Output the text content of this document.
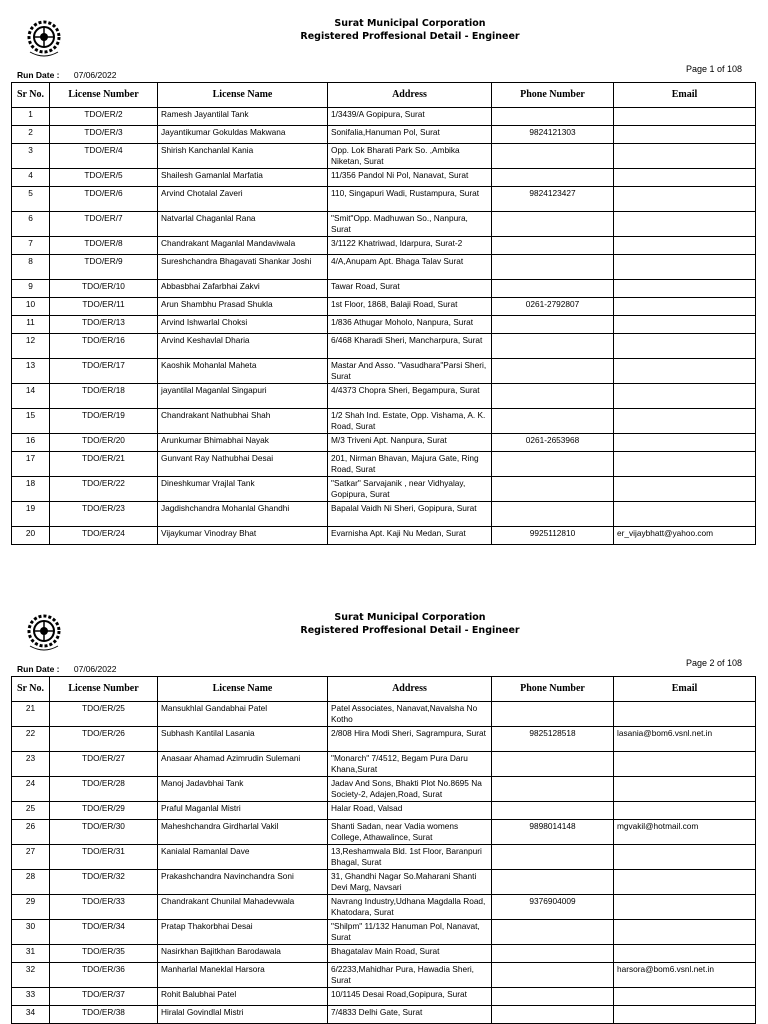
Surat Municipal Corporation
Registered Proffesional Detail - Engineer
Run Date : 07/06/2022
Page 1 of 108
Sr No.	License Number	License Name	Address	Phone Number	Email
1	TDO/ER/2	Ramesh Jayantilal Tank	1/3439/A Gopipura, Surat		
2	TDO/ER/3	Jayantikumar Gokuldas Makwana	Sonifalia,Hanuman Pol, Surat	9824121303	
3	TDO/ER/4	Shirish Kanchanlal Kania	Opp. Lok Bharati Park So. ,Ambika Niketan, Surat		
4	TDO/ER/5	Shailesh Gamanlal Marfatia	11/356 Pandol Ni Pol, Nanavat, Surat		
5	TDO/ER/6	Arvind Chotalal Zaveri	110, Singapuri Wadi, Rustampura, Surat	9824123427	
6	TDO/ER/7	Natvarlal Chaganlal Rana	"Smit"Opp. Madhuwan So., Nanpura, Surat		
7	TDO/ER/8	Chandrakant Maganlal Mandaviwala	3/1122 Khatriwad, Idarpura, Surat-2		
8	TDO/ER/9	Sureshchandra Bhagavati Shankar Joshi	4/A,Anupam Apt. Bhaga Talav Surat		
9	TDO/ER/10	Abbasbhai Zafarbhai Zakvi	Tawar Road, Surat		
10	TDO/ER/11	Arun Shambhu Prasad Shukla	1st Floor, 1868, Balaji Road, Surat	0261-2792807	
11	TDO/ER/13	Arvind Ishwarlal Choksi	1/836 Athugar Moholo, Nanpura, Surat		
12	TDO/ER/16	Arvind Keshavlal Dharia	6/468 Kharadi Sheri, Mancharpura, Surat		
13	TDO/ER/17	Kaoshik Mohanlal Maheta	Mastar And Asso. "Vasudhara"Parsi Sheri, Surat		
14	TDO/ER/18	jayantilal Maganlal Singapuri	4/4373 Chopra Sheri, Begampura, Surat		
15	TDO/ER/19	Chandrakant Nathubhai Shah	1/2 Shah Ind. Estate, Opp. Vishama, A. K. Road, Surat		
16	TDO/ER/20	Arunkumar Bhimabhai Nayak	M/3 Triveni Apt. Nanpura, Surat	0261-2653968	
17	TDO/ER/21	Gunvant Ray Nathubhai Desai	201, Nirman Bhavan, Majura Gate, Ring Road, Surat		
18	TDO/ER/22	Dineshkumar Vrajlal Tank	"Satkar" Sarvajanik , near Vidhyalay, Gopipura, Surat		
19	TDO/ER/23	Jagdishchandra Mohanlal Ghandhi	Bapalal Vaidh Ni Sheri, Gopipura, Surat		
20	TDO/ER/24	Vijaykumar Vinodray Bhat	Evarnisha Apt. Kaji Nu Medan, Surat	9925112810	er_vijaybhatt@yahoo.com
Surat Municipal Corporation
Registered Proffesional Detail - Engineer
Run Date : 07/06/2022
Page 2 of 108
Sr No.	License Number	License Name	Address	Phone Number	Email
21	TDO/ER/25	Mansukhlal Gandabhai Patel	Patel Associates, Nanavat,Navalsha No Kotho		
22	TDO/ER/26	Subhash Kantilal Lasania	2/808 Hira Modi Sheri, Sagrampura, Surat	9825128518	lasania@bom6.vsnl.net.in
23	TDO/ER/27	Anasaar Ahamad Azimrudin Sulemani	"Monarch" 7/4512, Begam Pura Daru Khana,Surat		
24	TDO/ER/28	Manoj Jadavbhai Tank	Jadav And Sons, Bhakti Plot No.8695 Na Society-2, Adajen,Road, Surat		
25	TDO/ER/29	Praful Maganlal Mistri	Halar Road, Valsad		
26	TDO/ER/30	Maheshchandra Girdharlal Vakil	Shanti Sadan, near Vadia womens College, Athawalince, Surat	9898014148	mgvakil@hotmail.com
27	TDO/ER/31	Kanialal Ramanlal Dave	13,Reshamwala Bld. 1st Floor, Baranpuri Bhagal, Surat		
28	TDO/ER/32	Prakashchandra Navinchandra Soni	31, Ghandhi Nagar So.Maharani Shanti Devi Marg, Navsari		
29	TDO/ER/33	Chandrakant Chunilal Mahadevwala	Navrang Industry,Udhana Magdalla Road, Khatodara, Surat	9376904009	
30	TDO/ER/34	Pratap Thakorbhai Desai	"Shilpm" 11/132 Hanuman Pol, Nanavat, Surat		
31	TDO/ER/35	Nasirkhan Bajitkhan Barodawala	Bhagatalav Main Road, Surat		
32	TDO/ER/36	Manharlal Maneklal Harsora	6/2233,Mahidhar Pura, Hawadia Sheri, Surat		harsora@bom6.vsnl.net.in
33	TDO/ER/37	Rohit Balubhai Patel	10/1145 Desai Road,Gopipura, Surat		
34	TDO/ER/38	Hiralal Govindlal Mistri	7/4833 Delhi Gate, Surat		
